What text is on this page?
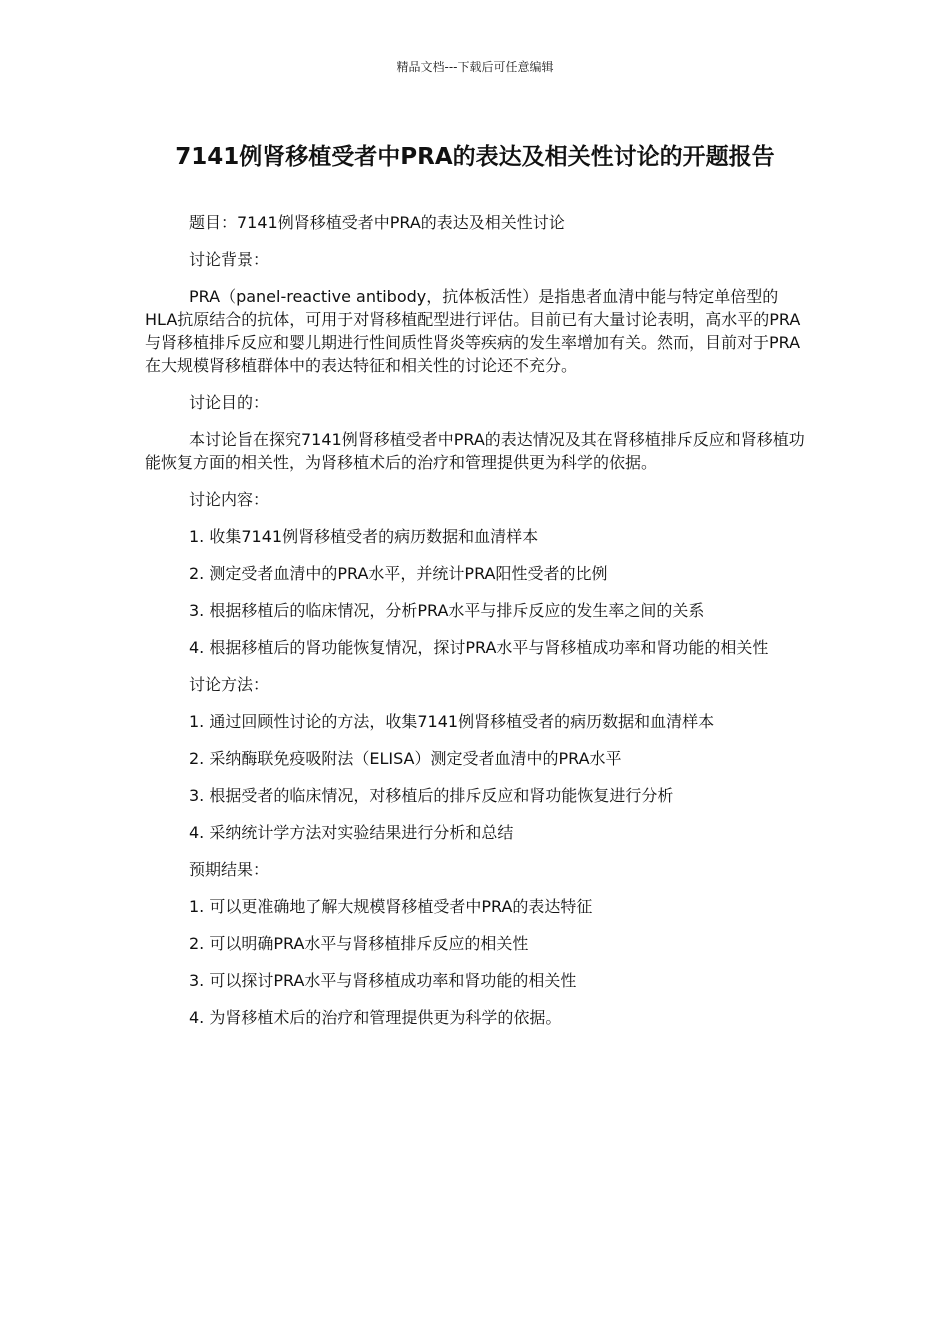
精品文档---下载后可任意编辑
7141例肾移植受者中PRA的表达及相关性讨论的开题报告

题目：7141例肾移植受者中PRA的表达及相关性讨论

讨论背景：

PRA（panel-reactive antibody，抗体板活性）是指患者血清中能与特定单倍型的HLA抗原结合的抗体，可用于对肾移植配型进行评估。目前已有大量讨论表明，高水平的PRA与肾移植排斥反应和婴儿期进行性间质性肾炎等疾病的发生率增加有关。然而，目前对于PRA在大规模肾移植群体中的表达特征和相关性的讨论还不充分。

讨论目的：

本讨论旨在探究7141例肾移植受者中PRA的表达情况及其在肾移植排斥反应和肾移植功能恢复方面的相关性，为肾移植术后的治疗和管理提供更为科学的依据。

讨论内容：

1. 收集7141例肾移植受者的病历数据和血清样本

2. 测定受者血清中的PRA水平，并统计PRA阳性受者的比例

3. 根据移植后的临床情况，分析PRA水平与排斥反应的发生率之间的关系

4. 根据移植后的肾功能恢复情况，探讨PRA水平与肾移植成功率和肾功能的相关性

讨论方法：

1. 通过回顾性讨论的方法，收集7141例肾移植受者的病历数据和血清样本

2. 采纳酶联免疫吸附法（ELISA）测定受者血清中的PRA水平

3. 根据受者的临床情况，对移植后的排斥反应和肾功能恢复进行分析

4. 采纳统计学方法对实验结果进行分析和总结

预期结果：

1. 可以更准确地了解大规模肾移植受者中PRA的表达特征

2. 可以明确PRA水平与肾移植排斥反应的相关性

3. 可以探讨PRA水平与肾移植成功率和肾功能的相关性

4. 为肾移植术后的治疗和管理提供更为科学的依据。
